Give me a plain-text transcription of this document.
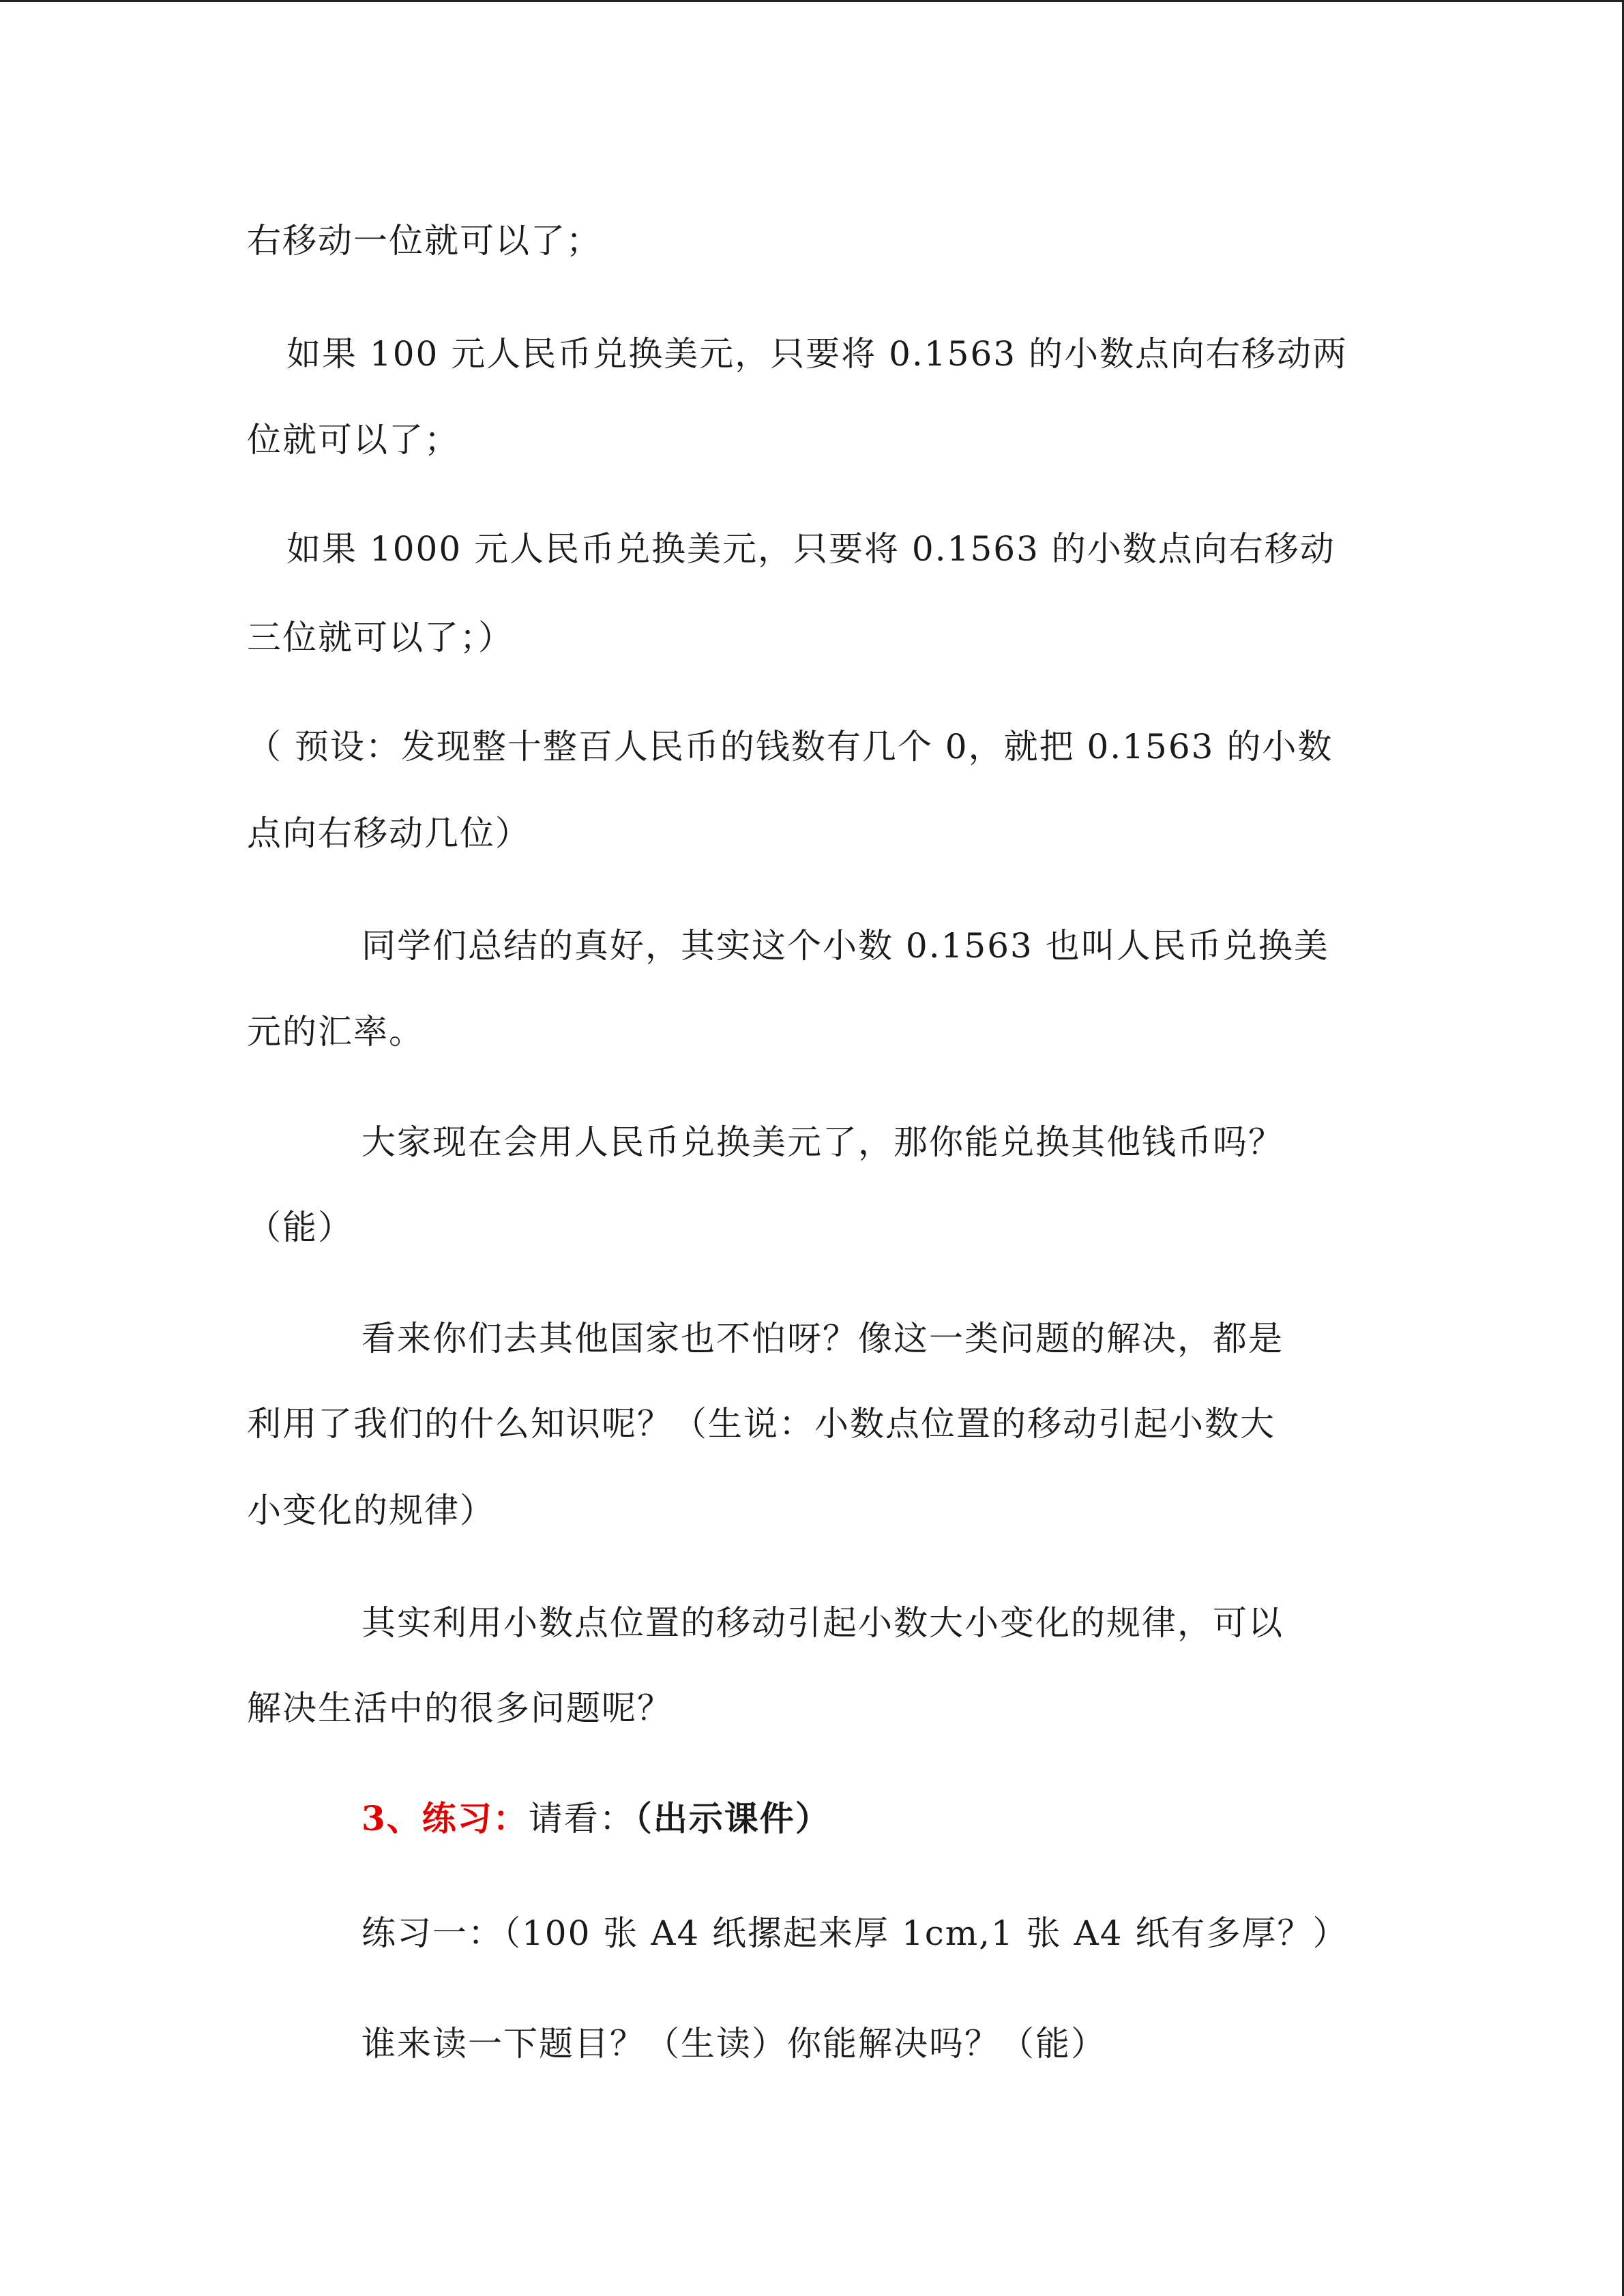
右移动一位就可以了；
如果 100 元人民币兑换美元，只要将 0.1563 的小数点向右移动两
位就可以了；
如果 1000 元人民币兑换美元，只要将 0.1563 的小数点向右移动
三位就可以了；）
（ 预设：发现整十整百人民币的钱数有几个 0，就把 0.1563 的小数
点向右移动几位）
同学们总结的真好，其实这个小数 0.1563 也叫人民币兑换美
元的汇率。
大家现在会用人民币兑换美元了，那你能兑换其他钱币吗？
（能）
看来你们去其他国家也不怕呀？像这一类问题的解决，都是
利用了我们的什么知识呢？（生说：小数点位置的移动引起小数大
小变化的规律）
其实利用小数点位置的移动引起小数大小变化的规律，可以
解决生活中的很多问题呢？
3、练习：请看：（出示课件）
练习一：（100 张 A4 纸摞起来厚 1cm,1 张 A4 纸有多厚？）
谁来读一下题目？（生读）你能解决吗？（能）
